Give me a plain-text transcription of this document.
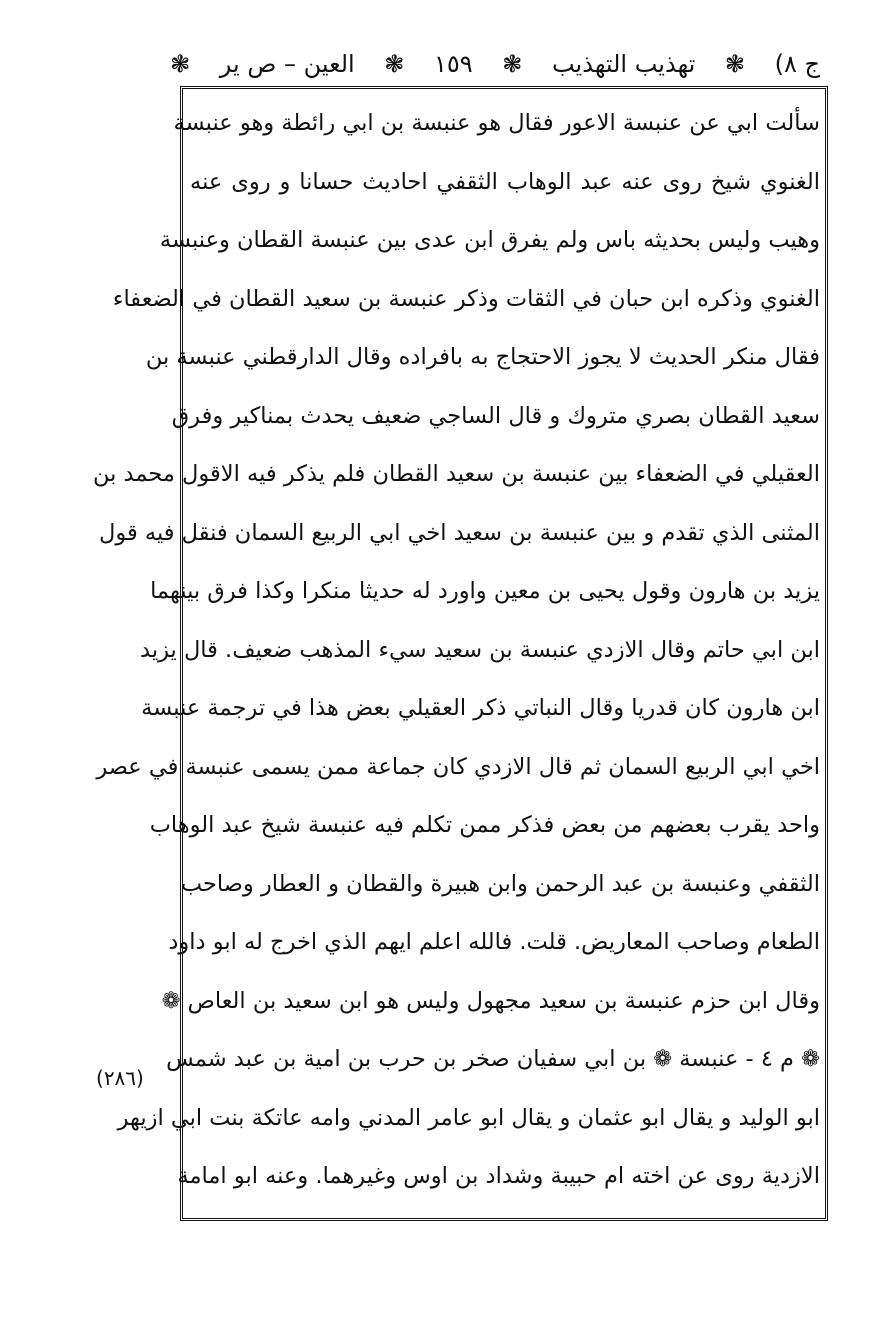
ج ٨)
❃
تهذيب التهذيب
❃
١٥٩
❃
العين – ص ير
❃
سألت ابي عن عنبسة الاعور فقال هو عنبسة بن ابي رائطة وهو عنبسة
الغنوي شيخ روى عنه عبد الوهاب الثقفي احاديث حسانا و روى عنه
وهيب وليس بحديثه باس ولم يفرق ابن عدى بين عنبسة القطان وعنبسة
الغنوي وذكره ابن حبان في الثقات وذكر عنبسة بن سعيد القطان في الضعفاء
فقال منكر الحديث لا يجوز الاحتجاج به بافراده وقال الدارقطني عنبسة بن
سعيد القطان بصري متروك و قال الساجي ضعيف يحدث بمناكير وفرق
العقيلي في الضعفاء بين عنبسة بن سعيد القطان فلم يذكر فيه الاقول محمد بن
المثنى الذي تقدم و بين عنبسة بن سعيد اخي ابي الربيع السمان فنقل فيه قول
يزيد بن هارون وقول يحيى بن معين واورد له حديثا منكرا وكذا فرق بينهما
ابن ابي حاتم وقال الازدي عنبسة بن سعيد سيء المذهب ضعيف. قال يزيد
ابن هارون كان قدريا وقال النباتي ذكر العقيلي بعض هذا في ترجمة عنبسة
اخي ابي الربيع السمان ثم قال الازدي كان جماعة ممن يسمى عنبسة في عصر
واحد يقرب بعضهم من بعض فذكر ممن تكلم فيه عنبسة شيخ عبد الوهاب
الثقفي وعنبسة بن عبد الرحمن وابن هبيرة والقطان و العطار وصاحب
الطعام وصاحب المعاريض. قلت. فالله اعلم ايهم الذي اخرج له ابو داود
وقال ابن حزم عنبسة بن سعيد مجهول وليس هو ابن سعيد بن العاص ❁
❁ م ٤ - عنبسة ❁ بن ابي سفيان صخر بن حرب بن امية بن عبد شمس
ابو الوليد و يقال ابو عثمان و يقال ابو عامر المدني وامه عاتكة بنت ابي ازيهر
الازدية روى عن اخته ام حبيبة وشداد بن اوس وغيرهما. وعنه ابو امامة
(٢٨٦)
